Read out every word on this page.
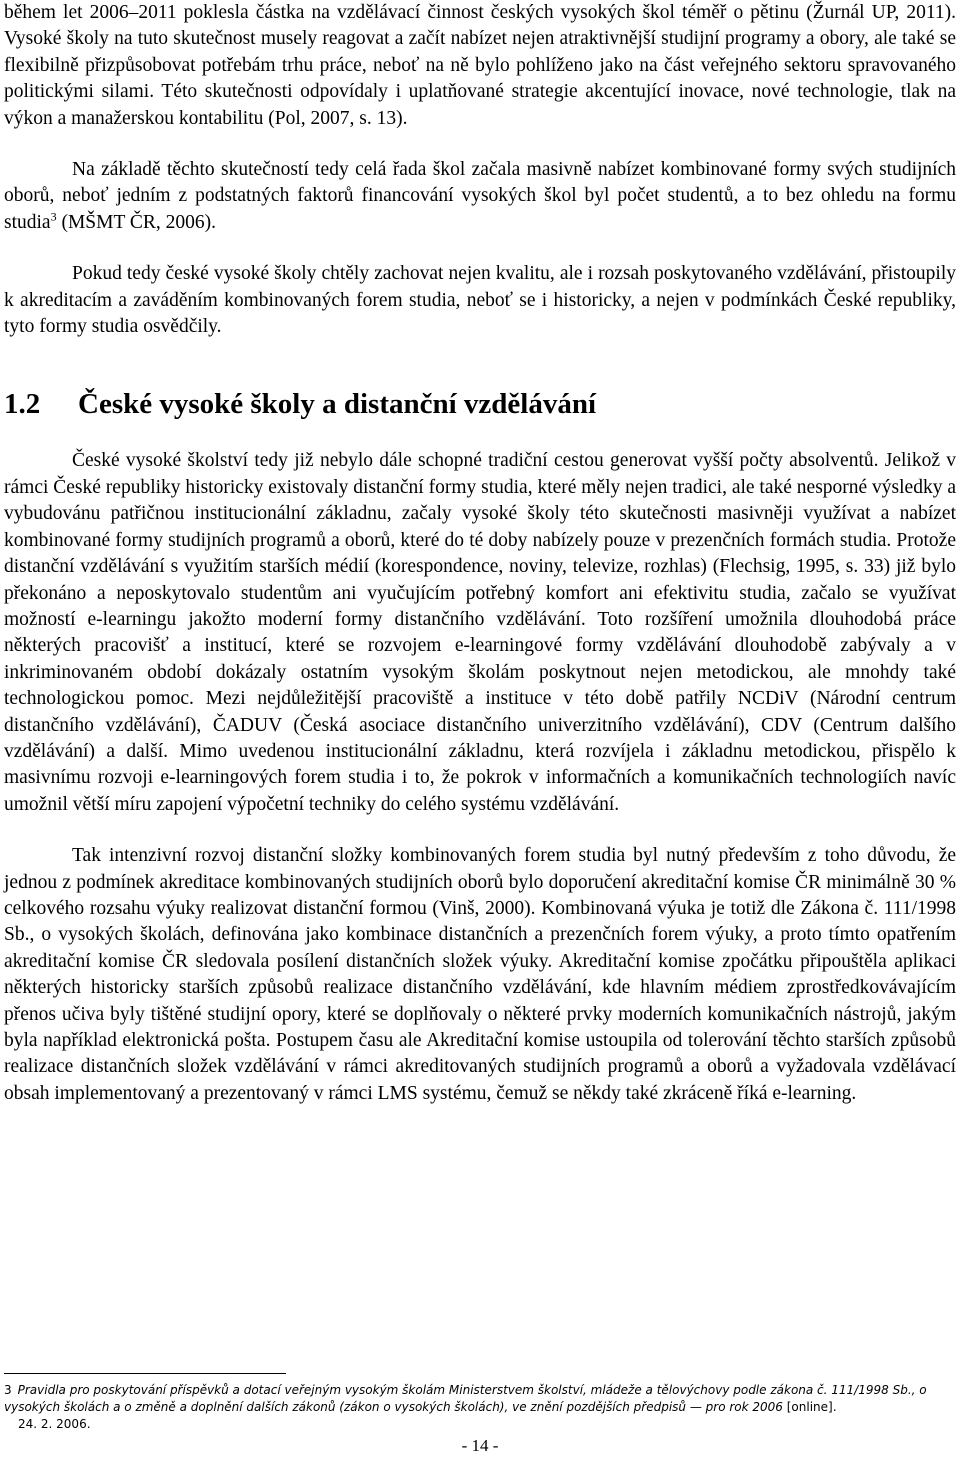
během let 2006–2011 poklesla částka na vzdělávací činnost českých vysokých škol téměř o pětinu (Žurnál UP, 2011). Vysoké školy na tuto skutečnost musely reagovat a začít nabízet nejen atraktivnější studijní programy a obory, ale také se flexibilně přizpůsobovat potřebám trhu práce, neboť na ně bylo pohlíženo jako na část veřejného sektoru spravovaného politickými silami. Této skutečnosti odpovídaly i uplatňované strategie akcentující inovace, nové technologie, tlak na výkon a manažerskou kontabilitu (Pol, 2007, s. 13).

Na základě těchto skutečností tedy celá řada škol začala masivně nabízet kombinované formy svých studijních oborů, neboť jedním z podstatných faktorů financování vysokých škol byl počet studentů, a to bez ohledu na formu studia$^3$ (MŠMT ČR, 2006).

Pokud tedy české vysoké školy chtěly zachovat nejen kvalitu, ale i rozsah poskytovaného vzdělávání, přistoupily k akreditacím a zaváděním kombinovaných forem studia, neboť se i historicky, a nejen v podmínkách České republiky, tyto formy studia osvědčily.

1.2	České vysoké školy a distanční vzdělávání

České vysoké školství tedy již nebylo dále schopné tradiční cestou generovat vyšší počty absolventů. Jelikož v rámci České republiky historicky existovaly distanční formy studia, které měly nejen tradici, ale také nesporné výsledky a vybudovánu patřičnou institucionální základnu, začaly vysoké školy této skutečnosti masivněji využívat a nabízet kombinované formy studijních programů a oborů, které do té doby nabízely pouze v prezenčních formách studia. Protože distanční vzdělávání s využitím starších médií (korespondence, noviny, televize, rozhlas) (Flechsig, 1995, s. 33) již bylo překonáno a neposkytovalo studentům ani vyučujícím potřebný komfort ani efektivitu studia, začalo se využívat možností e-learningu jakožto moderní formy distančního vzdělávání. Toto rozšíření umožnila dlouhodobá práce některých pracovišť a institucí, které se rozvojem e-learningové formy vzdělávání dlouhodobě zabývaly a v inkriminovaném období dokázaly ostatním vysokým školám poskytnout nejen metodickou, ale mnohdy také technologickou pomoc. Mezi nejdůležitější pracoviště a instituce v této době patřily NCDiV (Národní centrum distančního vzdělávání), ČADUV (Česká asociace distančního univerzitního vzdělávání), CDV (Centrum dalšího vzdělávání) a další. Mimo uvedenou institucionální základnu, která rozvíjela i základnu metodickou, přispělo k masivnímu rozvoji e-learningových forem studia i to, že pokrok v informačních a komunikačních technologiích navíc umožnil větší míru zapojení výpočetní techniky do celého systému vzdělávání.

Tak intenzivní rozvoj distanční složky kombinovaných forem studia byl nutný především z toho důvodu, že jednou z podmínek akreditace kombinovaných studijních oborů bylo doporučení akreditační komise ČR minimálně 30 % celkového rozsahu výuky realizovat distanční formou (Vinš, 2000). Kombinovaná výuka je totiž dle Zákona č. 111/1998 Sb., o vysokých školách, definována jako kombinace distančních a prezenčních forem výuky, a proto tímto opatřením akreditační komise ČR sledovala posílení distančních složek výuky. Akreditační komise zpočátku připouštěla aplikaci některých historicky starších způsobů realizace distančního vzdělávání, kde hlavním médiem zprostředkovávajícím přenos učiva byly tištěné studijní opory, které se doplňovaly o některé prvky moderních komunikačních nástrojů, jakým byla například elektronická pošta. Postupem času ale Akreditační komise ustoupila od tolerování těchto starších způsobů realizace distančních složek vzdělávání v rámci akreditovaných studijních programů a oborů a vyžadovala vzdělávací obsah implementovaný a prezentovaný v rámci LMS systému, čemuž se někdy také zkráceně říká e-learning.

3 Pravidla pro poskytování příspěvků a dotací veřejným vysokým školám Ministerstvem školství, mládeže a tělovýchovy podle zákona č. 111/1998 Sb., o vysokých školách a o změně a doplnění dalších zákonů (zákon o vysokých školách), ve znění pozdějších předpisů — pro rok 2006 [online].
24. 2. 2006.
- 14 -
